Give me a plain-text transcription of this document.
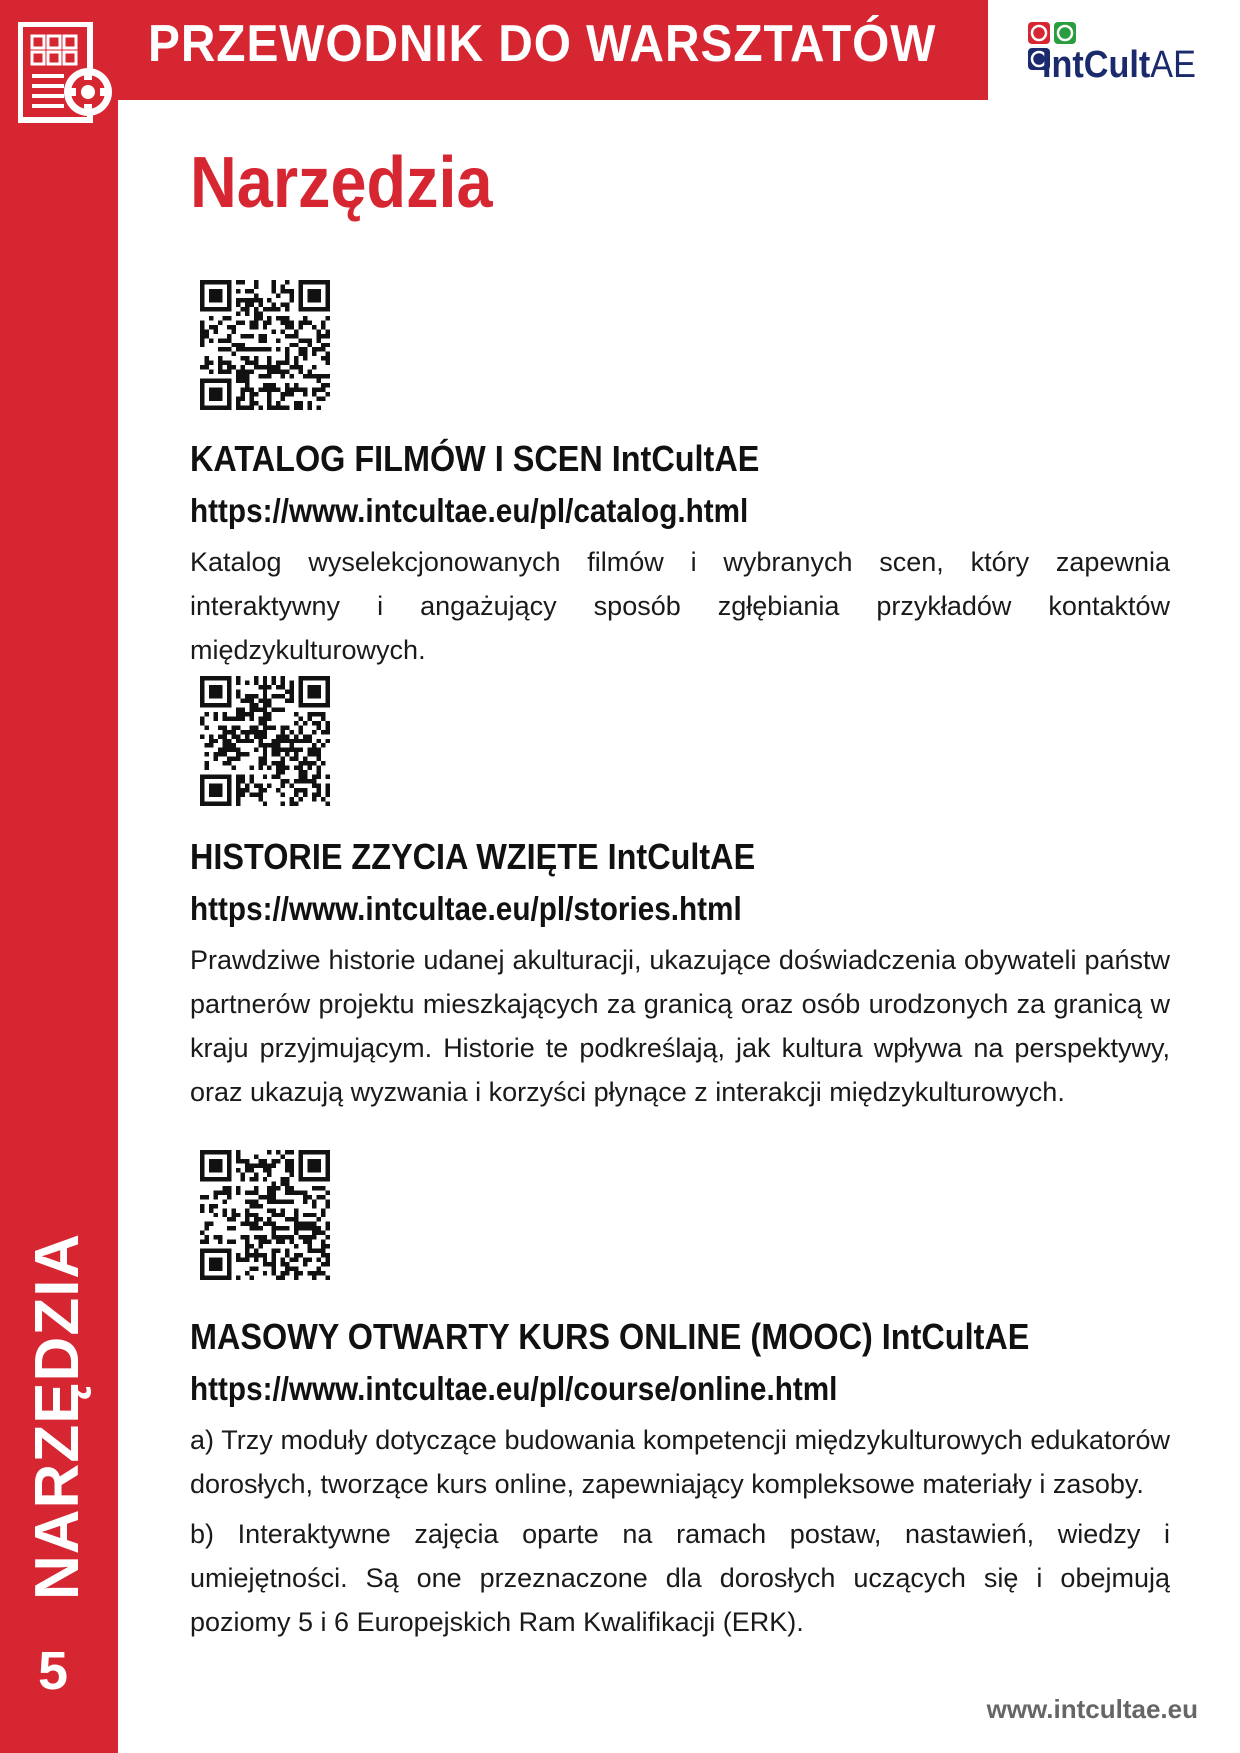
PRZEWODNIK DO WARSZTATÓW	IntCultAE
Narzędzia
KATALOG FILMÓW I SCEN IntCultAE
https://www.intcultae.eu/pl/catalog.html

Katalog wyselekcjonowanych filmów i wybranych scen, który zapewnia interaktywny i angażujący sposób zgłębiania przykładów kontaktów międzykulturowych.

HISTORIE ZZYCIA WZIĘTE IntCultAE
https://www.intcultae.eu/pl/stories.html

Prawdziwe historie udanej akulturacji, ukazujące doświadczenia obywateli państw partnerów projektu mieszkających za granicą oraz osób urodzonych za granicą w kraju przyjmującym. Historie te podkreślają, jak kultura wpływa na perspektywy, oraz ukazują wyzwania i korzyści płynące z interakcji międzykulturowych.

MASOWY OTWARTY KURS ONLINE (MOOC) IntCultAE
https://www.intcultae.eu/pl/course/online.html

a) Trzy moduły dotyczące budowania kompetencji międzykulturowych edukatorów dorosłych, tworzące kurs online, zapewniający kompleksowe materiały i zasoby.

b) Interaktywne zajęcia oparte na ramach postaw, nastawień, wiedzy i umiejętności. Są one przeznaczone dla dorosłych uczących się i obejmują poziomy 5 i 6 Europejskich Ram Kwalifikacji (ERK).

NARZĘDZIA
5
www.intcultae.eu
